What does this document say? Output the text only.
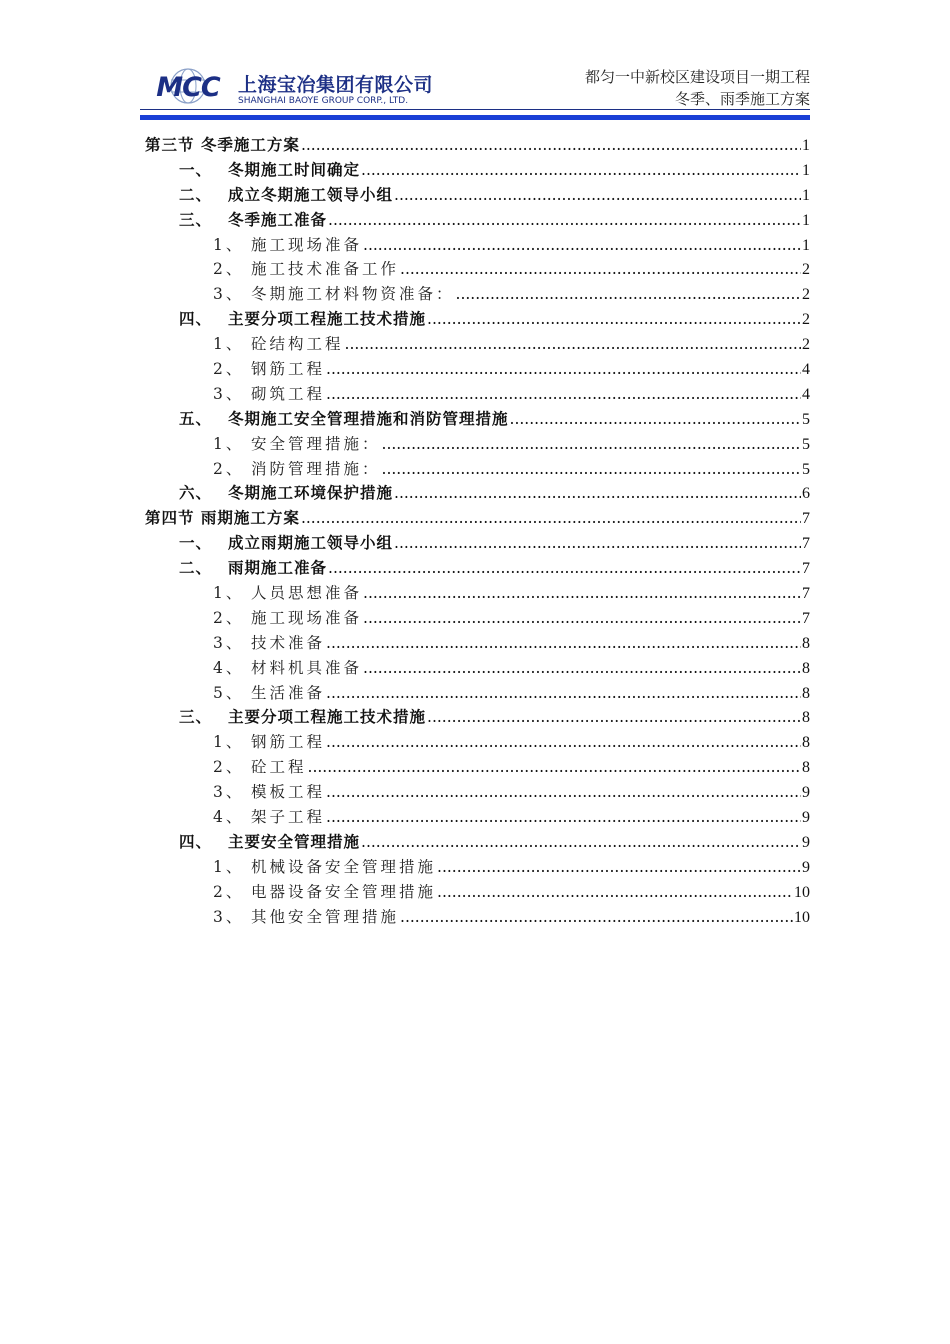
MCC 上海宝冶集团有限公司
SHANGHAI BAOYE GROUP CORP., LTD.
都匀一中新校区建设项目一期工程
冬季、雨季施工方案
第三节 冬季施工方案 .....	1
一、 冬期施工时间确定 .....	1
二、 成立冬期施工领导小组 .....	1
三、 冬季施工准备 .....	1
1、 施工现场准备 .....	1
2、 施工技术准备工作 .....	2
3、 冬期施工材料物资准备： .....	2
四、 主要分项工程施工技术措施 .....	2
1、 砼结构工程 .....	2
2、 钢筋工程 .....	4
3、 砌筑工程 .....	4
五、 冬期施工安全管理措施和消防管理措施 .....	5
1、 安全管理措施： .....	5
2、 消防管理措施： .....	5
六、 冬期施工环境保护措施 .....	6
第四节 雨期施工方案 .....	7
一、 成立雨期施工领导小组 .....	7
二、 雨期施工准备 .....	7
1、 人员思想准备 .....	7
2、 施工现场准备 .....	7
3、 技术准备 .....	8
4、 材料机具准备 .....	8
5、 生活准备 .....	8
三、 主要分项工程施工技术措施 .....	8
1、 钢筋工程 .....	8
2、 砼工程 .....	8
3、 模板工程 .....	9
4、 架子工程 .....	9
四、 主要安全管理措施 .....	9
1、 机械设备安全管理措施 .....	9
2、 电器设备安全管理措施 .....	10
3、 其他安全管理措施 .....	10
